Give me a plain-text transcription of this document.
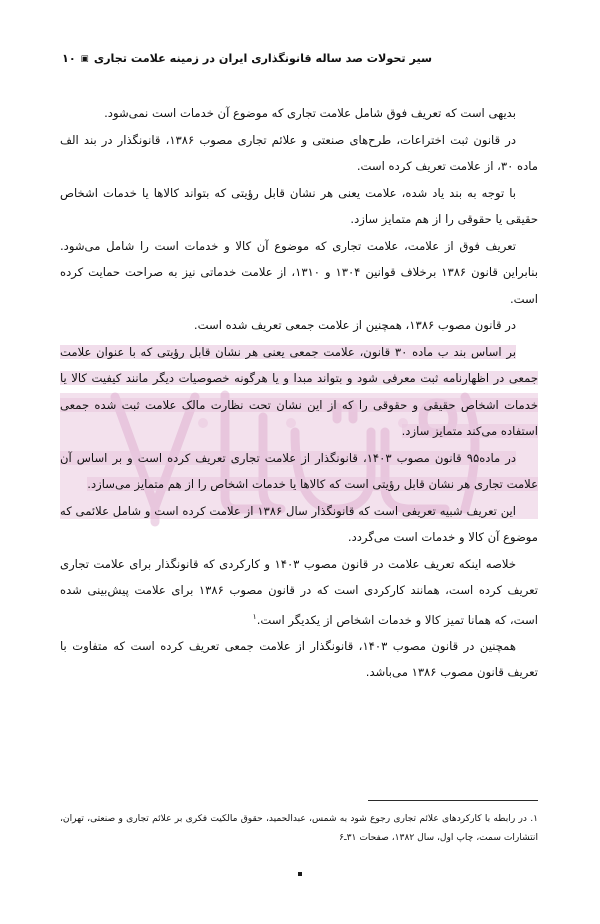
۱۰ ▣ سیر تحولات صد ساله قانونگذاری ایران در زمینه علامت تجاری

بدیهی است که تعریف فوق شامل علامت تجاری که موضوع آن خدمات است نمی‌شود.

در قانون ثبت اختراعات، طرح‌های صنعتی و علائم تجاری مصوب ۱۳۸۶، قانونگذار در بند الف ماده ۳۰، از علامت تعریف کرده است.

با توجه به بند یاد شده، علامت یعنی هر نشان قابل رؤیتی که بتواند کالاها یا خدمات اشخاص حقیقی یا حقوقی را از هم متمایز سازد.

تعریف فوق از علامت، علامت تجاری که موضوع آن کالا و خدمات است را شامل می‌شود. بنابراین قانون ۱۳۸۶ برخلاف قوانین ۱۳۰۴ و ۱۳۱۰، از علامت خدماتی نیز به صراحت حمایت کرده است.

در قانون مصوب ۱۳۸۶، همچنین از علامت جمعی تعریف شده است.

بر اساس بند ب ماده ۳۰ قانون، علامت جمعی یعنی هر نشان قابل رؤیتی که با عنوان علامت جمعی در اظهارنامه ثبت معرفی شود و بتواند مبدا و یا هرگونه خصوصیات دیگر مانند کیفیت کالا یا خدمات اشخاص حقیقی و حقوقی را که از این نشان تحت نظارت مالک علامت ثبت شده جمعی استفاده می‌کند متمایز سازد.

در ماده۹۵ قانون مصوب ۱۴۰۳، قانونگذار از علامت تجاری تعریف کرده است و بر اساس آن علامت تجاری هر نشان قابل رؤیتی است که کالاها یا خدمات اشخاص را از هم متمایز می‌سازد.

این تعریف شبیه تعریفی است که قانونگذار سال ۱۳۸۶ از علامت کرده است و شامل علائمی که موضوع آن کالا و خدمات است می‌گردد.

خلاصه اینکه تعریف علامت در قانون مصوب ۱۴۰۳ و کارکردی که قانونگذار برای علامت تجاری تعریف کرده است، همانند کارکردی است که در قانون مصوب ۱۳۸۶ برای علامت پیش‌بینی شده است، که همانا تمیز کالا و خدمات اشخاص از یکدیگر است.$^۱$

همچنین در قانون مصوب ۱۴۰۳، قانونگذار از علامت جمعی تعریف کرده است که متفاوت با تعریف قانون مصوب ۱۳۸۶ می‌باشد.

۱. در رابطه با کارکردهای علائم تجاری رجوع شود به شمس، عبدالحمید، حقوق مالکیت فکری بر علائم تجاری و صنعتی، تهران، انتشارات سمت، چاپ اول، سال ۱۳۸۲، صفحات ۳۱ـ۶
